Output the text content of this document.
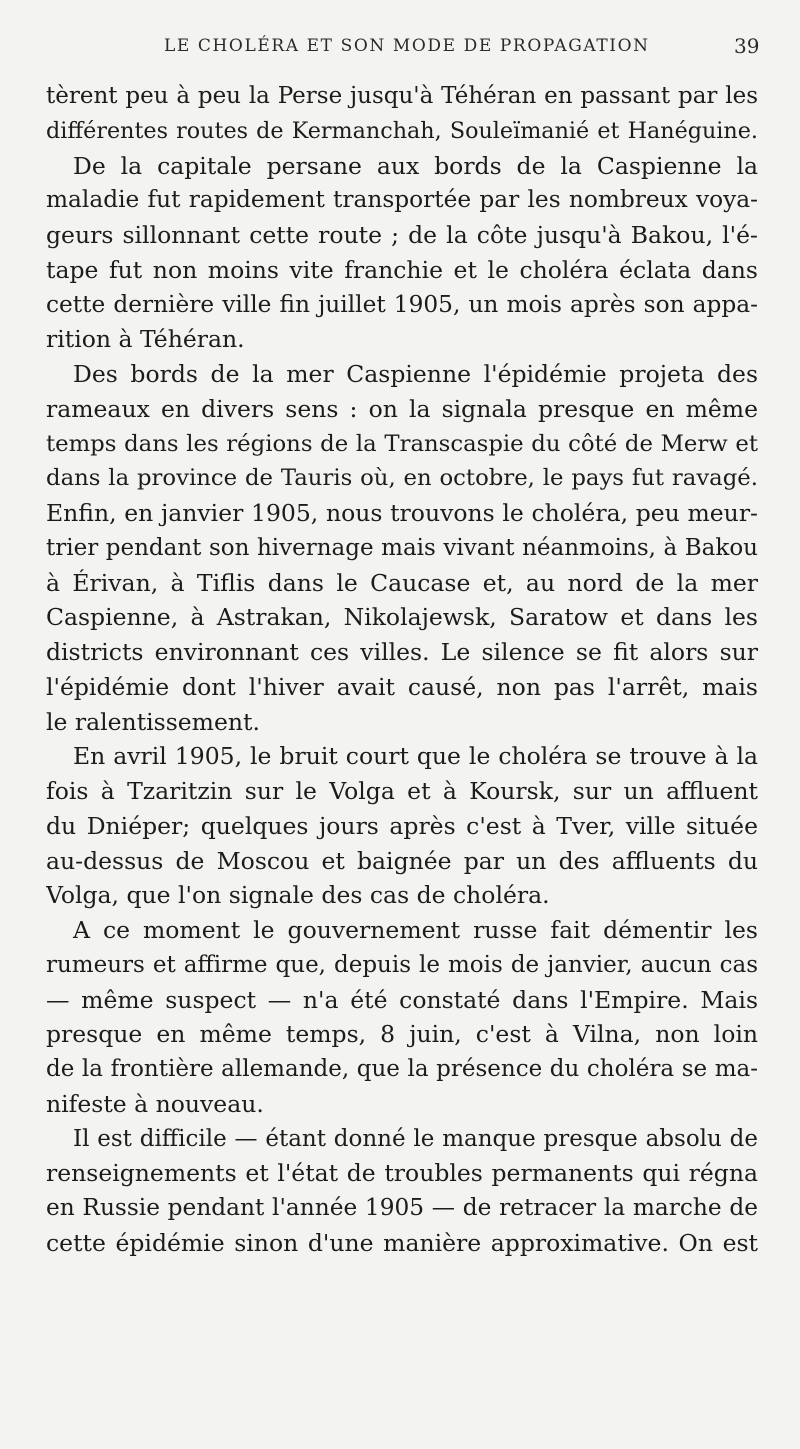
LE CHOLÉRA ET SON MODE DE PROPAGATION	39
tèrent peu à peu la Perse jusqu'à Téhéran en passant par les
différentes routes de Kermanchah, Souleïmanié et Hanéguine.
De la capitale persane aux bords de la Caspienne la
maladie fut rapidement transportée par les nombreux voya-
geurs sillonnant cette route ; de la côte jusqu'à Bakou, l'é-
tape fut non moins vite franchie et le choléra éclata dans
cette dernière ville fin juillet 1905, un mois après son appa-
rition à Téhéran.
Des bords de la mer Caspienne l'épidémie projeta des
rameaux en divers sens : on la signala presque en même
temps dans les régions de la Transcaspie du côté de Merw et
dans la province de Tauris où, en octobre, le pays fut ravagé.
Enfin, en janvier 1905, nous trouvons le choléra, peu meur-
trier pendant son hivernage mais vivant néanmoins, à Bakou
à Érivan, à Tiflis dans le Caucase et, au nord de la mer
Caspienne, à Astrakan, Nikolajewsk, Saratow et dans les
districts environnant ces villes. Le silence se fit alors sur
l'épidémie dont l'hiver avait causé, non pas l'arrêt, mais
le ralentissement.
En avril 1905, le bruit court que le choléra se trouve à la
fois à Tzaritzin sur le Volga et à Koursk, sur un affluent
du Dniéper; quelques jours après c'est à Tver, ville située
au-dessus de Moscou et baignée par un des affluents du
Volga, que l'on signale des cas de choléra.
A ce moment le gouvernement russe fait démentir les
rumeurs et affirme que, depuis le mois de janvier, aucun cas
— même suspect — n'a été constaté dans l'Empire. Mais
presque en même temps, 8 juin, c'est à Vilna, non loin
de la frontière allemande, que la présence du choléra se ma-
nifeste à nouveau.
Il est difficile — étant donné le manque presque absolu de
renseignements et l'état de troubles permanents qui régna
en Russie pendant l'année 1905 — de retracer la marche de
cette épidémie sinon d'une manière approximative. On est
